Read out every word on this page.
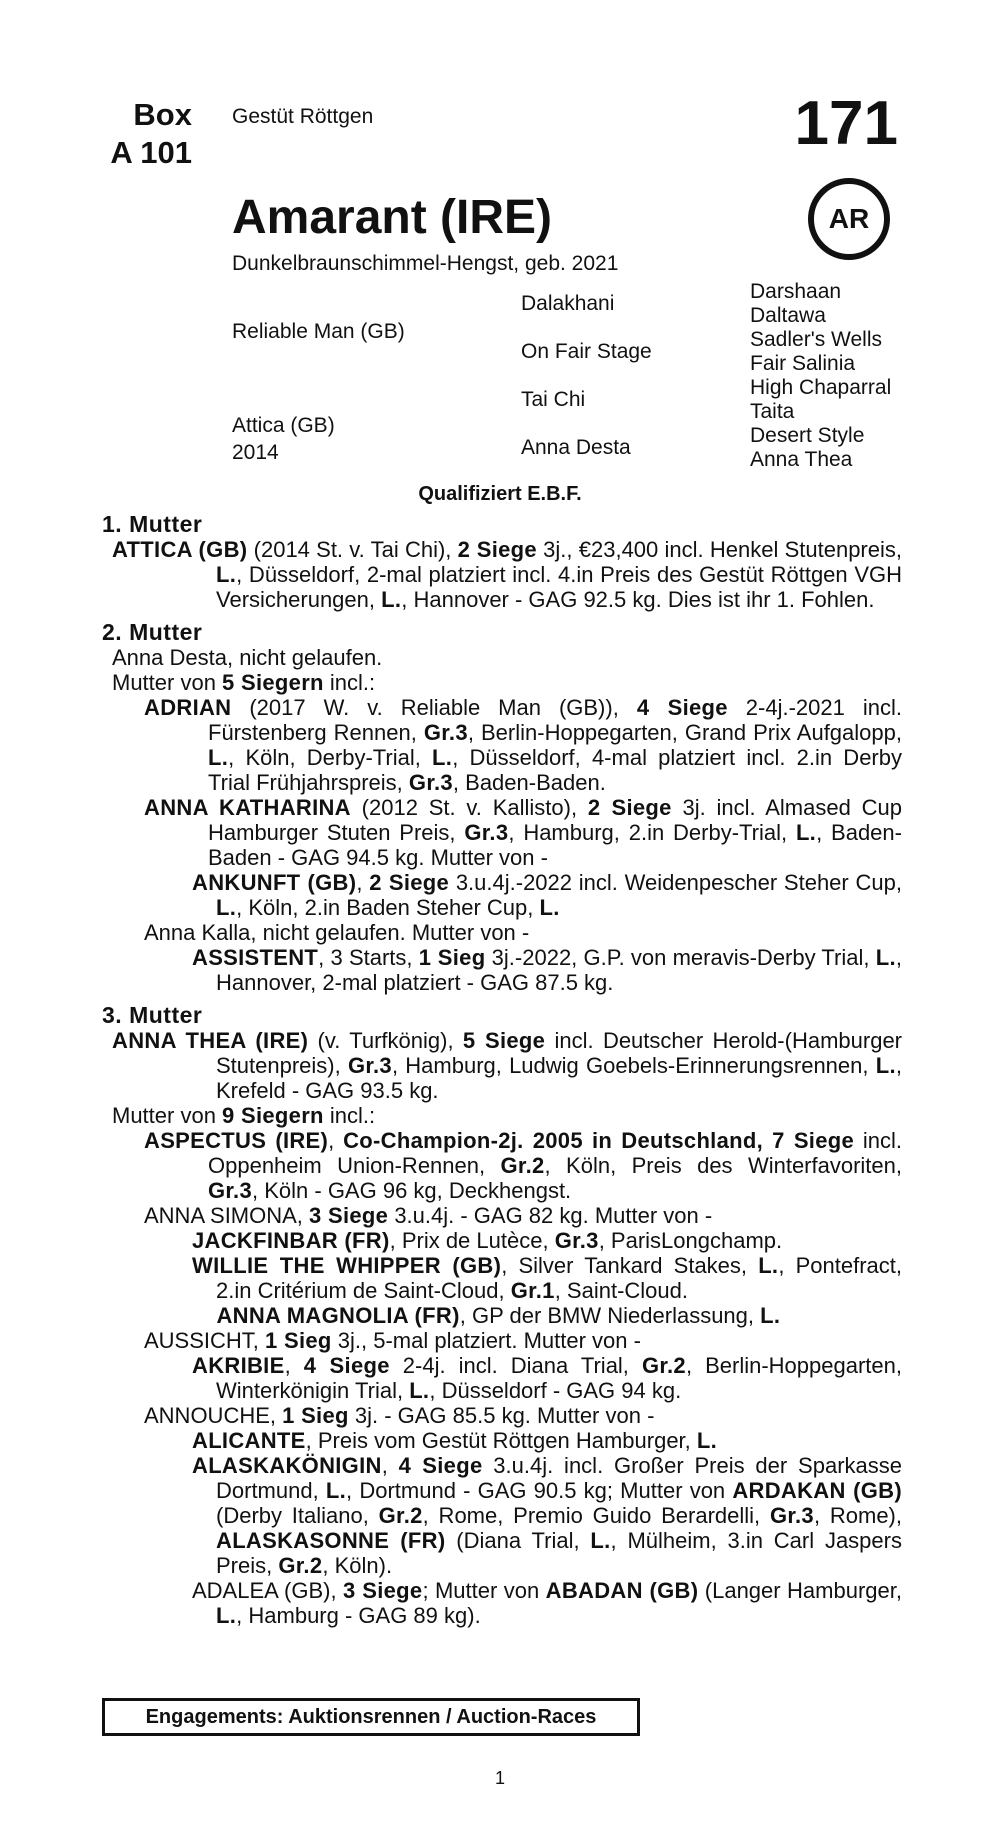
Box
A 101
Gestüt Röttgen	171
Amarant (IRE)	AR
Dunkelbraunschimmel-Hengst, geb. 2021
Reliable Man (GB)
Attica (GB)
2014
Dalakhani
On Fair Stage
Tai Chi
Anna Desta
Darshaan
Daltawa
Sadler's Wells
Fair Salinia
High Chaparral
Taita
Desert Style
Anna Thea
Qualifiziert E.B.F.
1. Mutter
ATTICA (GB) (2014 St. v. Tai Chi), 2 Siege 3j., €23,400 incl. Henkel Stutenpreis, L., Düsseldorf, 2-mal platziert incl. 4.in Preis des Gestüt Röttgen VGH Versicherungen, L., Hannover - GAG 92.5 kg. Dies ist ihr 1. Fohlen.
2. Mutter
Anna Desta, nicht gelaufen.
Mutter von 5 Siegern incl.:
ADRIAN (2017 W. v. Reliable Man (GB)), 4 Siege 2-4j.-2021 incl. Fürstenberg Rennen, Gr.3, Berlin-Hoppegarten, Grand Prix Aufgalopp, L., Köln, Derby-Trial, L., Düsseldorf, 4-mal platziert incl. 2.in Derby Trial Frühjahrspreis, Gr.3, Baden-Baden.
ANNA KATHARINA (2012 St. v. Kallisto), 2 Siege 3j. incl. Almased Cup Hamburger Stuten Preis, Gr.3, Hamburg, 2.in Derby-Trial, L., Baden-Baden - GAG 94.5 kg. Mutter von -
ANKUNFT (GB), 2 Siege 3.u.4j.-2022 incl. Weidenpescher Steher Cup, L., Köln, 2.in Baden Steher Cup, L.
Anna Kalla, nicht gelaufen. Mutter von -
ASSISTENT, 3 Starts, 1 Sieg 3j.-2022, G.P. von meravis-Derby Trial, L., Hannover, 2-mal platziert - GAG 87.5 kg.
3. Mutter
ANNA THEA (IRE) (v. Turfkönig), 5 Siege incl. Deutscher Herold-(Hamburger Stutenpreis), Gr.3, Hamburg, Ludwig Goebels-Erinnerungsrennen, L., Krefeld - GAG 93.5 kg.
Mutter von 9 Siegern incl.:
ASPECTUS (IRE), Co-Champion-2j. 2005 in Deutschland, 7 Siege incl. Oppenheim Union-Rennen, Gr.2, Köln, Preis des Winterfavoriten, Gr.3, Köln - GAG 96 kg, Deckhengst.
ANNA SIMONA, 3 Siege 3.u.4j. - GAG 82 kg. Mutter von -
JACKFINBAR (FR), Prix de Lutèce, Gr.3, ParisLongchamp.
WILLIE THE WHIPPER (GB), Silver Tankard Stakes, L., Pontefract, 2.in Critérium de Saint-Cloud, Gr.1, Saint-Cloud.
ANNA MAGNOLIA (FR), GP der BMW Niederlassung, L.
AUSSICHT, 1 Sieg 3j., 5-mal platziert. Mutter von -
AKRIBIE, 4 Siege 2-4j. incl. Diana Trial, Gr.2, Berlin-Hoppegarten, Winterkönigin Trial, L., Düsseldorf - GAG 94 kg.
ANNOUCHE, 1 Sieg 3j. - GAG 85.5 kg. Mutter von -
ALICANTE, Preis vom Gestüt Röttgen Hamburger, L.
ALASKAKÖNIGIN, 4 Siege 3.u.4j. incl. Großer Preis der Sparkasse Dortmund, L., Dortmund - GAG 90.5 kg; Mutter von ARDAKAN (GB) (Derby Italiano, Gr.2, Rome, Premio Guido Berardelli, Gr.3, Rome), ALASKASONNE (FR) (Diana Trial, L., Mülheim, 3.in Carl Jaspers Preis, Gr.2, Köln).
ADALEA (GB), 3 Siege; Mutter von ABADAN (GB) (Langer Hamburger, L., Hamburg - GAG 89 kg).
Engagements: Auktionsrennen / Auction-Races
1
